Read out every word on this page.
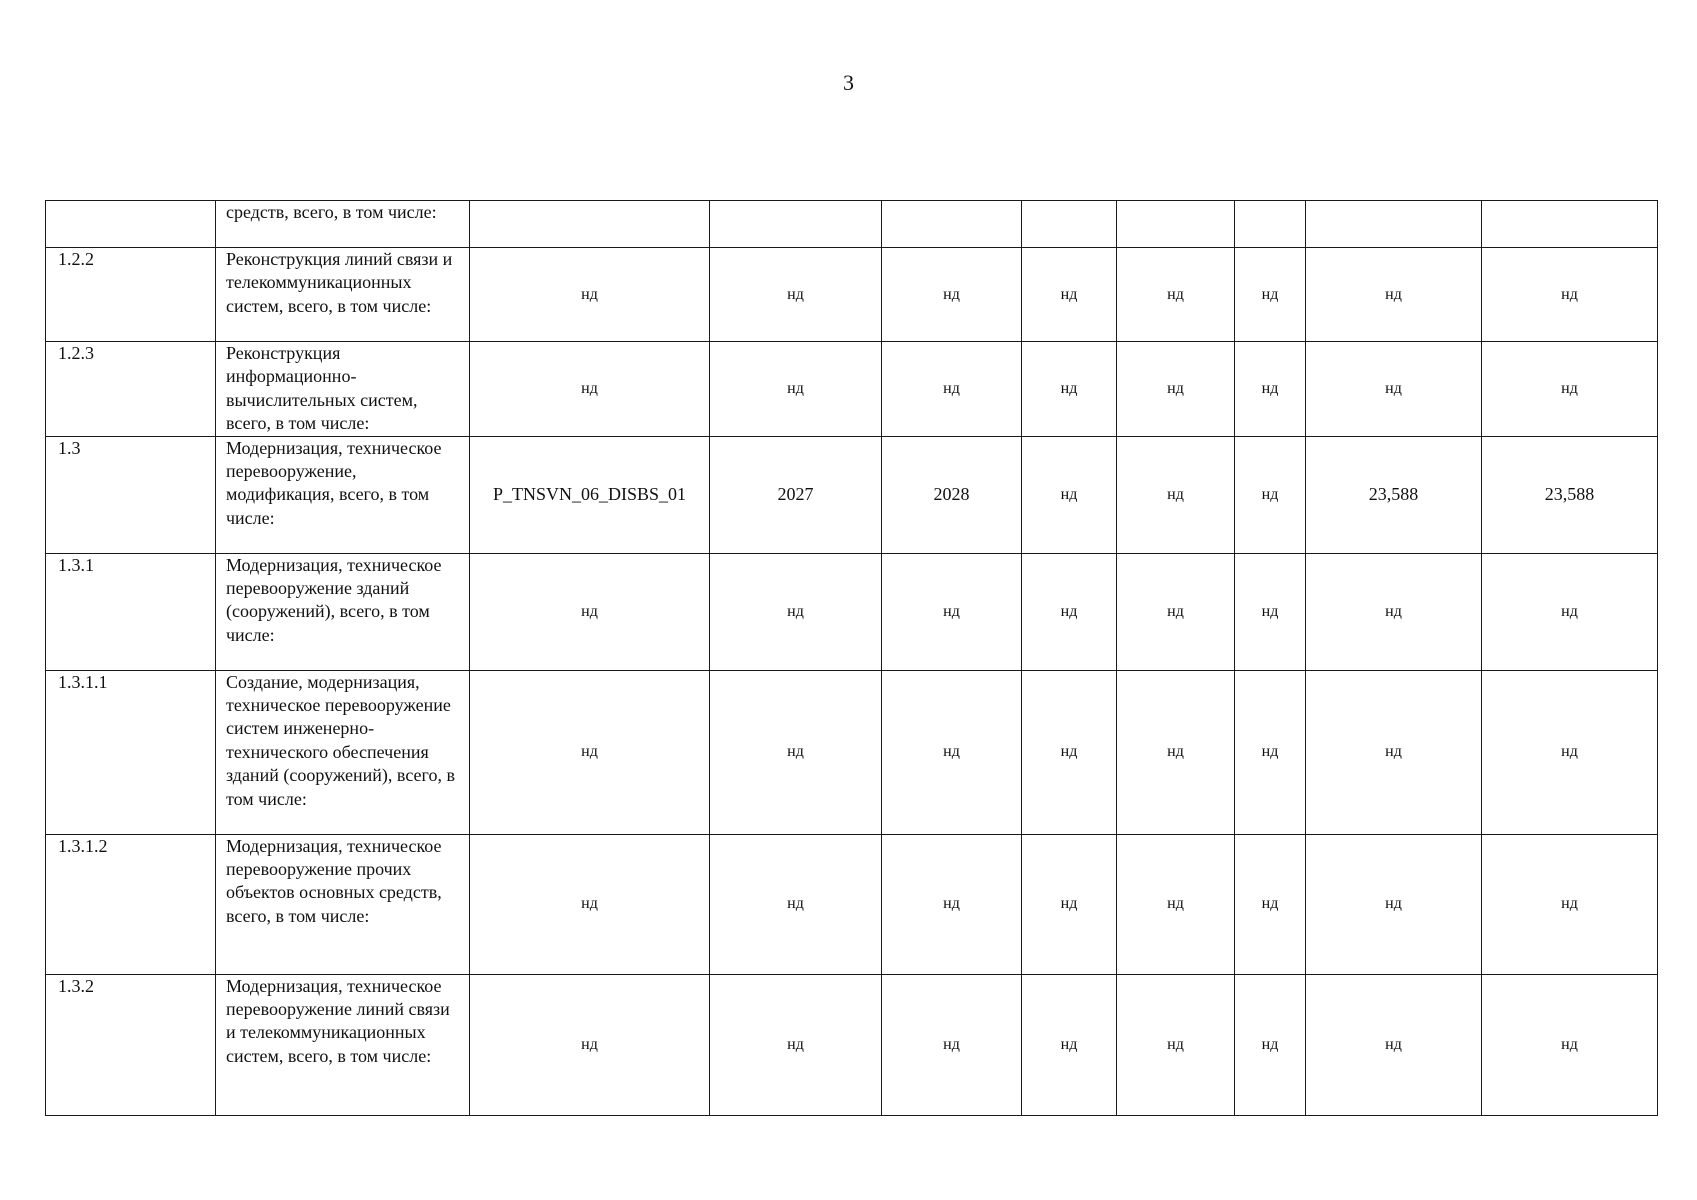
3
	средств, всего, в том числе:								
1.2.2	Реконструкция линий связи и телекоммуникационных систем, всего, в том числе:	нд	нд	нд	нд	нд	нд	нд	нд
1.2.3	Реконструкция информационно-вычислительных систем, всего, в том числе:	нд	нд	нд	нд	нд	нд	нд	нд
1.3	Модернизация, техническое перевооружение, модификация, всего, в том числе:	P_TNSVN_06_DISBS_01	2027	2028	нд	нд	нд	23,588	23,588
1.3.1	Модернизация, техническое перевооружение зданий (сооружений), всего, в том числе:	нд	нд	нд	нд	нд	нд	нд	нд
1.3.1.1	Создание, модернизация, техническое перевооружение систем инженерно-технического обеспечения зданий (сооружений), всего, в том числе:	нд	нд	нд	нд	нд	нд	нд	нд
1.3.1.2	Модернизация, техническое перевооружение прочих объектов основных средств, всего, в том числе:	нд	нд	нд	нд	нд	нд	нд	нд
1.3.2	Модернизация, техническое перевооружение линий связи и телекоммуникационных систем, всего, в том числе:	нд	нд	нд	нд	нд	нд	нд	нд
